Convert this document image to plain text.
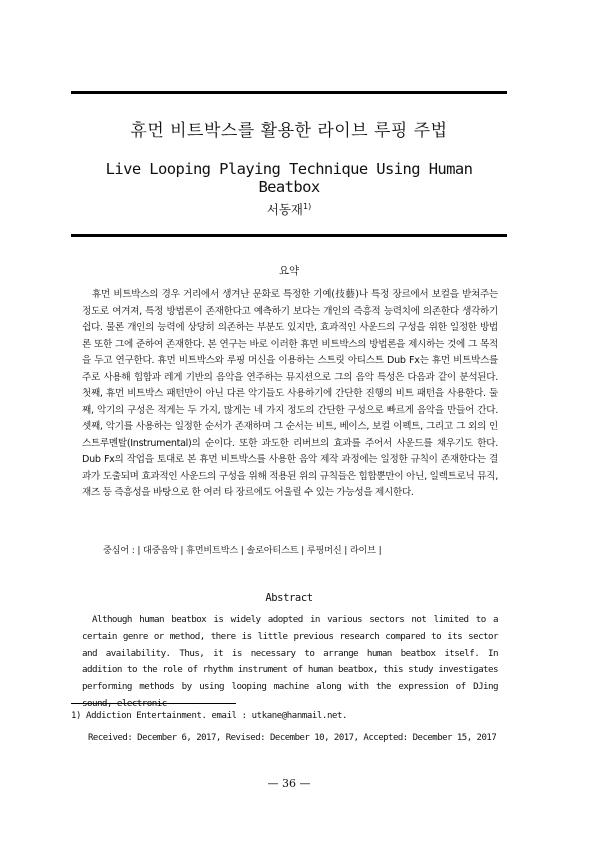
휴먼 비트박스를 활용한 라이브 루핑 주법
Live Looping Playing Technique Using Human Beatbox
서동재$^{1)}$
요약
휴먼 비트박스의 경우 거리에서 생겨난 문화로 특정한 기예(技藝)나 특정 장르에서 보컬을 받쳐주는 정도로 여겨져, 특정 방법론이 존재한다고 예측하기 보다는 개인의 즉흥적 능력치에 의존한다 생각하기 쉽다. 물론 개인의 능력에 상당히 의존하는 부분도 있지만, 효과적인 사운드의 구성을 위한 일정한 방법론 또한 그에 준하여 존재한다. 본 연구는 바로 이러한 휴먼 비트박스의 방법론을 제시하는 것에 그 목적을 두고 연구한다. 휴먼 비트박스와 루핑 머신을 이용하는 스트릿 아티스트 Dub Fx는 휴먼 비트박스를 주로 사용해 힙합과 레게 기반의 음악을 연주하는 뮤지션으로 그의 음악 특성은 다음과 같이 분석된다. 첫째, 휴먼 비트박스 패턴만이 아닌 다른 악기들도 사용하기에 간단한 진행의 비트 패턴을 사용한다. 둘째, 악기의 구성은 적게는 두 가지, 많게는 네 가지 정도의 간단한 구성으로 빠르게 음악을 만들어 간다. 셋째, 악기를 사용하는 일정한 순서가 존재하며 그 순서는 비트, 베이스, 보컬 이펙트, 그리고 그 외의 인스트루멘탈(Instrumental)의 순이다. 또한 과도한 리버브의 효과를 주어서 사운드를 채우기도 한다. Dub Fx의 작업을 토대로 본 휴먼 비트박스를 사용한 음악 제작 과정에는 일정한 규칙이 존재한다는 결과가 도출되며 효과적인 사운드의 구성을 위해 적용된 위의 규칙들은 힙합뿐만이 아닌, 일렉트로닉 뮤직, 재즈 등 즉흥성을 바탕으로 한 여러 타 장르에도 어울릴 수 있는 가능성을 제시한다.
중심어 : | 대중음악 | 휴먼비트박스 | 솔로아티스트 | 루핑머신 | 라이브 |
Abstract
Although human beatbox is widely adopted in various sectors not limited to a certain genre or method, there is little previous research compared to its sector and availability. Thus, it is necessary to arrange human beatbox itself. In addition to the role of rhythm instrument of human beatbox, this study investigates performing methods by using looping machine along with the expression of DJing
1) Addiction Entertainment. email : utkane@hanmail.net.
Received: December 6, 2017, Revised: December 10, 2017, Accepted: December 15, 2017
— 36 —
